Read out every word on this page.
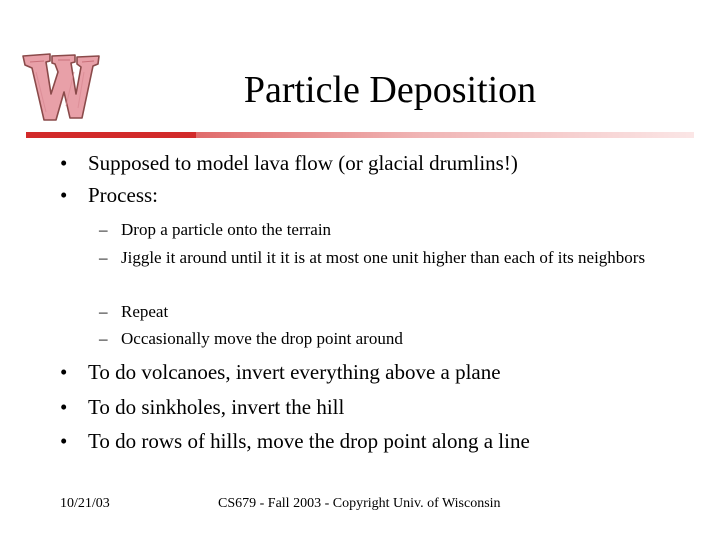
Particle Deposition
• Supposed to model lava flow (or glacial drumlins!)
• Process:
– Drop a particle onto the terrain
– Jiggle it around until it it is at most one unit higher than each of its neighbors
– Repeat
– Occasionally move the drop point around
• To do volcanoes, invert everything above a plane
• To do sinkholes, invert the hill
• To do rows of hills, move the drop point along a line
10/21/03	CS679 - Fall 2003 - Copyright Univ. of Wisconsin
